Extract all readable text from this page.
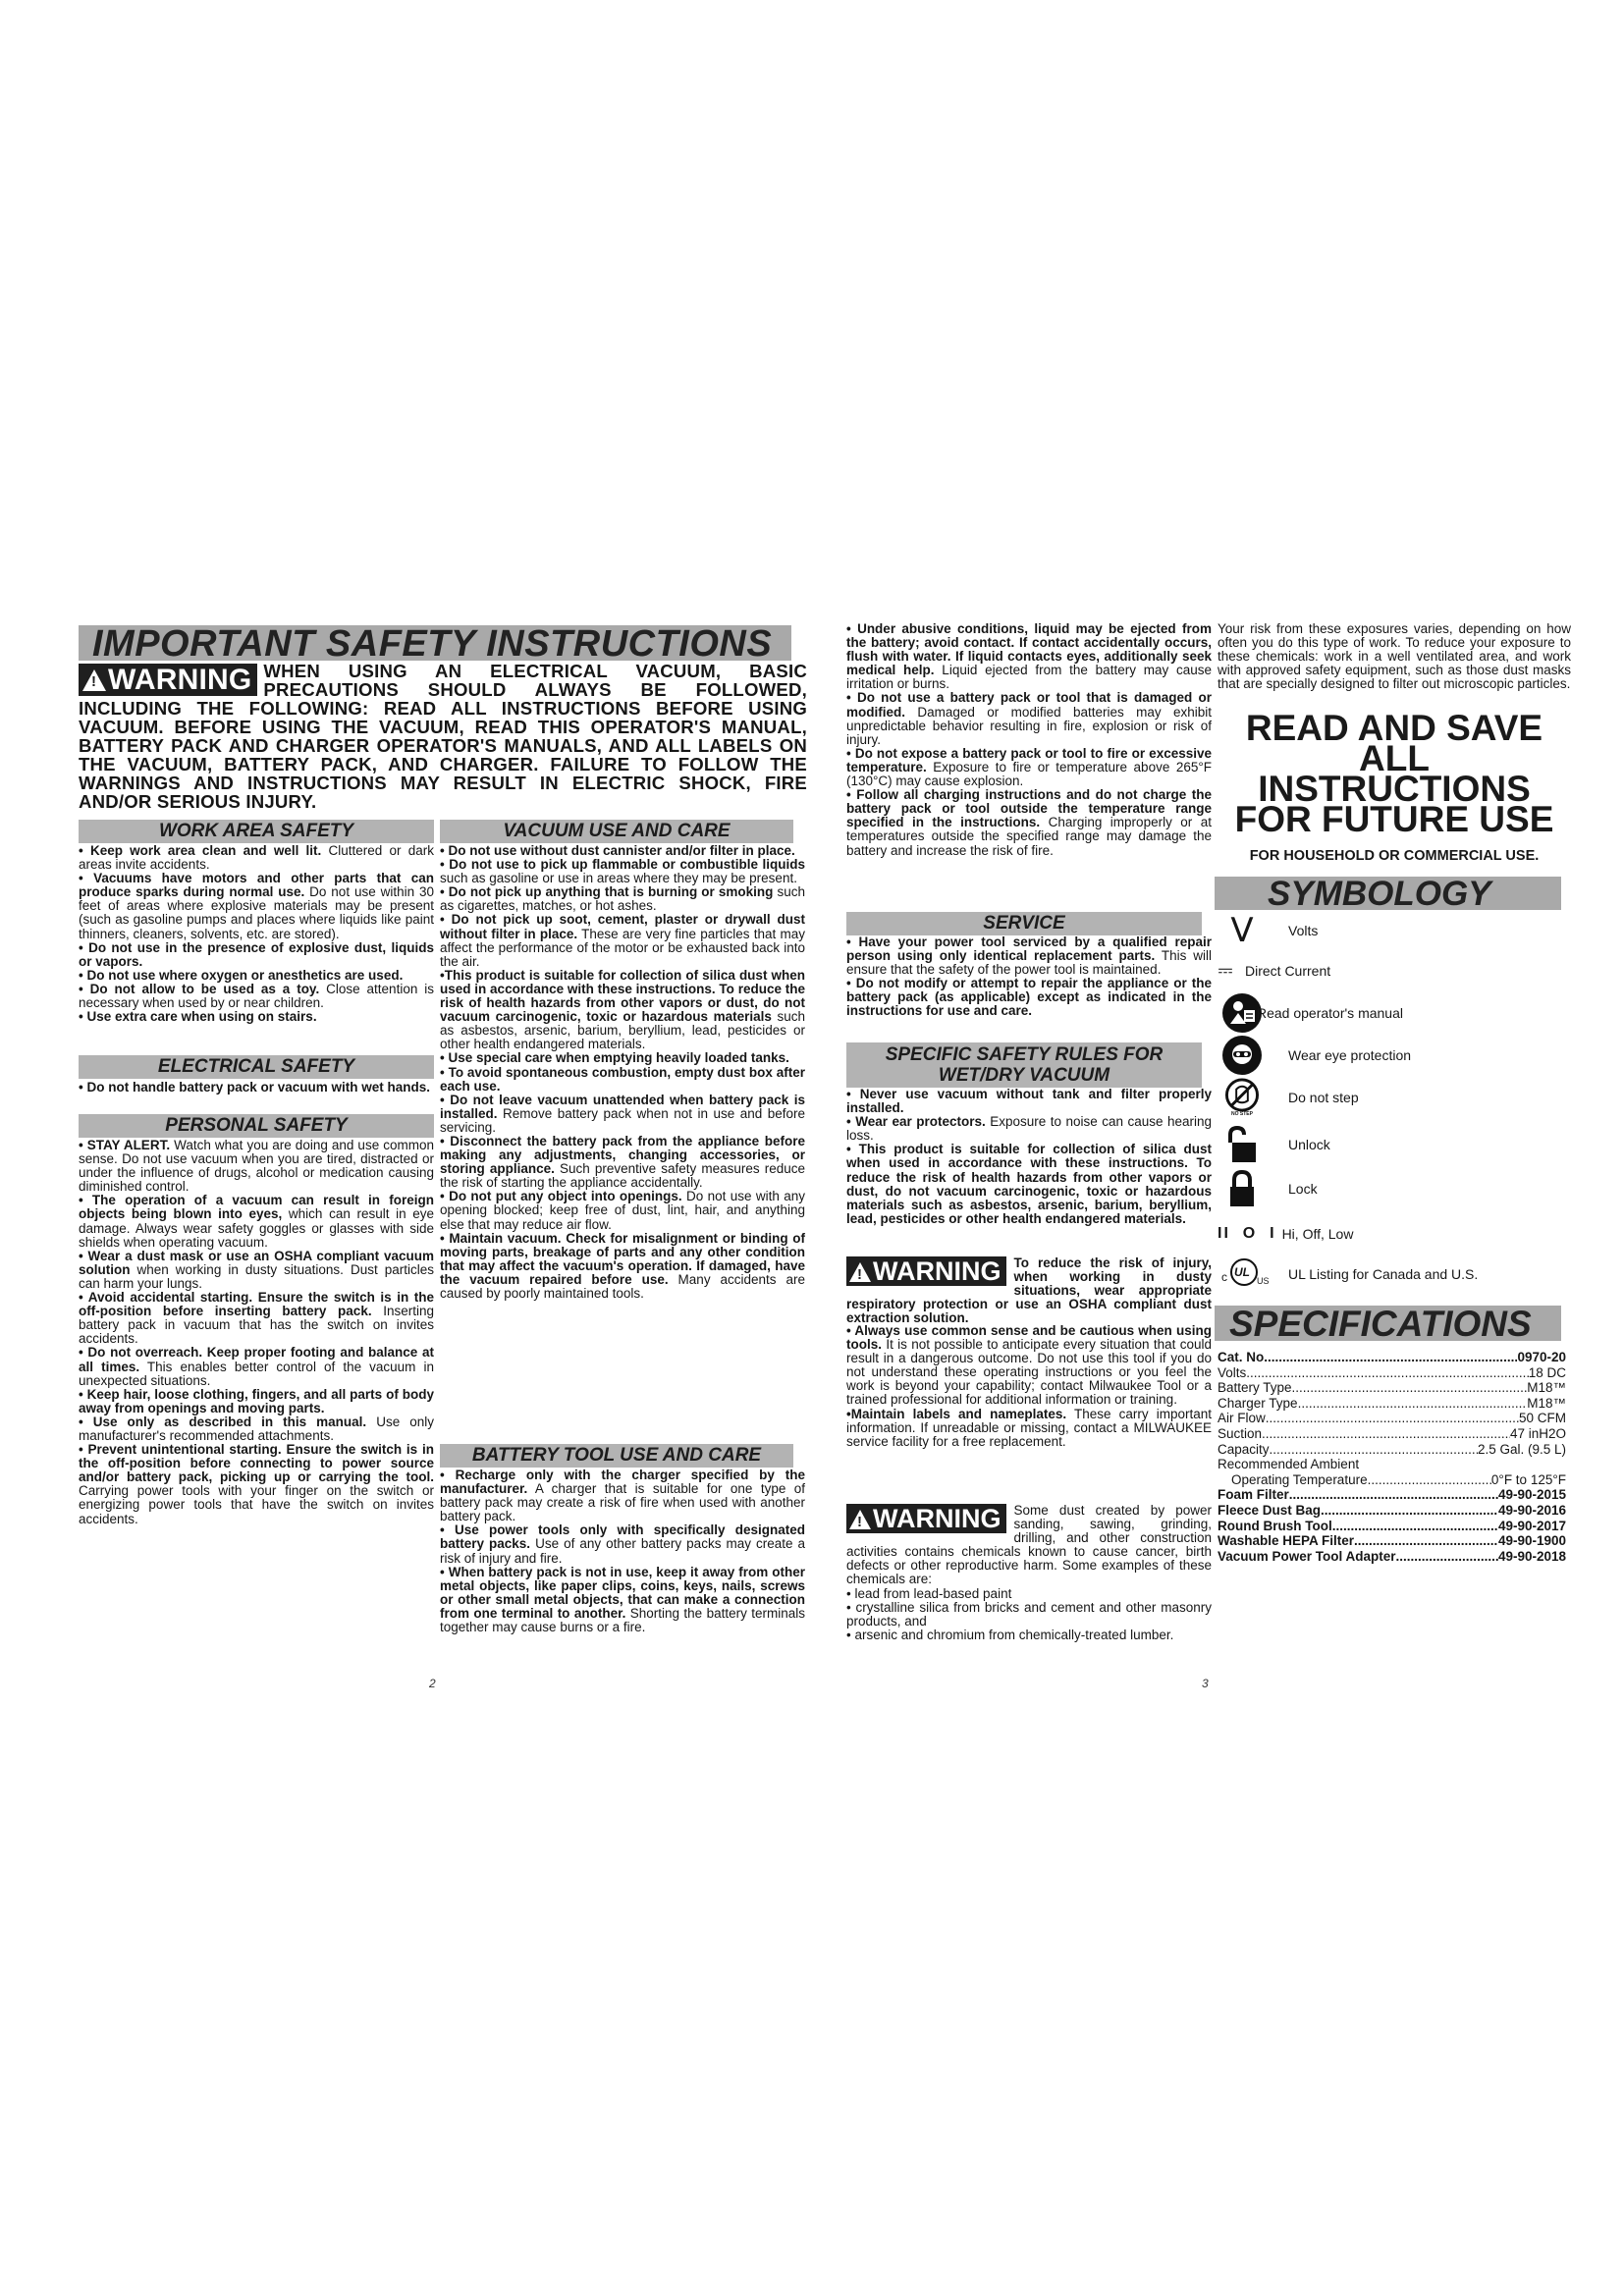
IMPORTANT SAFETY INSTRUCTIONS
!WARNING WHEN USING AN ELECTRICAL VACUUM, BASIC PRECAUTIONS SHOULD ALWAYS BE FOLLOWED, INCLUDING THE FOLLOWING: READ ALL INSTRUCTIONS BEFORE USING VACUUM. BEFORE USING THE VACUUM, READ THIS OPERATOR'S MANUAL, BATTERY PACK AND CHARGER OPERATOR'S MANUALS, AND ALL LABELS ON THE VACUUM, BATTERY PACK, AND CHARGER. FAILURE TO FOLLOW THE WARNINGS AND INSTRUCTIONS MAY RESULT IN ELECTRIC SHOCK, FIRE AND/OR SERIOUS INJURY.
WORK AREA SAFETY

• Keep work area clean and well lit. Cluttered or dark areas invite accidents.

• Vacuums have motors and other parts that can produce sparks during normal use. Do not use within 30 feet of areas where explosive materials may be present (such as gasoline pumps and places where liquids like paint thinners, cleaners, solvents, etc. are stored).

• Do not use in the presence of explosive dust, liquids or vapors.

• Do not use where oxygen or anesthetics are used.

• Do not allow to be used as a toy. Close attention is necessary when used by or near children.

• Use extra care when using on stairs.

ELECTRICAL SAFETY

• Do not handle battery pack or vacuum with wet hands.

PERSONAL SAFETY

• STAY ALERT. Watch what you are doing and use common sense. Do not use vacuum when you are tired, distracted or under the influence of drugs, alcohol or medication causing diminished control.

• The operation of a vacuum can result in foreign objects being blown into eyes, which can result in eye damage. Always wear safety goggles or glasses with side shields when operating vacuum.

• Wear a dust mask or use an OSHA compliant vacuum solution when working in dusty situations. Dust particles can harm your lungs.

• Avoid accidental starting. Ensure the switch is in the off-position before inserting battery pack. Inserting battery pack in vacuum that has the switch on invites accidents.

• Do not overreach. Keep proper footing and balance at all times. This enables better control of the vacuum in unexpected situations.

• Keep hair, loose clothing, fingers, and all parts of body away from openings and moving parts.

• Use only as described in this manual. Use only manufacturer's recommended attachments.

• Prevent unintentional starting. Ensure the switch is in the off-position before connecting to power source and/or battery pack, picking up or carrying the tool. Carrying power tools with your finger on the switch or energizing power tools that have the switch on invites accidents.

VACUUM USE AND CARE

• Do not use without dust cannister and/or filter in place.

• Do not use to pick up flammable or combustible liquids such as gasoline or use in areas where they may be present.

• Do not pick up anything that is burning or smoking such as cigarettes, matches, or hot ashes.

• Do not pick up soot, cement, plaster or drywall dust without filter in place. These are very fine particles that may affect the performance of the motor or be exhausted back into the air.

•This product is suitable for collection of silica dust when used in accordance with these instructions. To reduce the risk of health hazards from other vapors or dust, do not vacuum carcinogenic, toxic or hazardous materials such as asbestos, arsenic, barium, beryllium, lead, pesticides or other health endangered materials.

• Use special care when emptying heavily loaded tanks.

• To avoid spontaneous combustion, empty dust box after each use.

• Do not leave vacuum unattended when battery pack is installed. Remove battery pack when not in use and before servicing.

• Disconnect the battery pack from the appliance before making any adjustments, changing accessories, or storing appliance. Such preventive safety measures reduce the risk of starting the appliance accidentally.

• Do not put any object into openings. Do not use with any opening blocked; keep free of dust, lint, hair, and anything else that may reduce air flow.

• Maintain vacuum. Check for misalignment or binding of moving parts, breakage of parts and any other condition that may affect the vacuum's operation. If damaged, have the vacuum repaired before use. Many accidents are caused by poorly maintained tools.

BATTERY TOOL USE AND CARE

• Recharge only with the charger specified by the manufacturer. A charger that is suitable for one type of battery pack may create a risk of fire when used with another battery pack.

• Use power tools only with specifically designated battery packs. Use of any other battery packs may create a risk of injury and fire.

• When battery pack is not in use, keep it away from other metal objects, like paper clips, coins, keys, nails, screws or other small metal objects, that can make a connection from one terminal to another. Shorting the battery terminals together may cause burns or a fire.

2

• Under abusive conditions, liquid may be ejected from the battery; avoid contact. If contact accidentally occurs, flush with water. If liquid contacts eyes, additionally seek medical help. Liquid ejected from the battery may cause irritation or burns.

• Do not use a battery pack or tool that is damaged or modified. Damaged or modified batteries may exhibit unpredictable behavior resulting in fire, explosion or risk of injury.

• Do not expose a battery pack or tool to fire or excessive temperature. Exposure to fire or temperature above 265°F (130°C) may cause explosion.

• Follow all charging instructions and do not charge the battery pack or tool outside the temperature range specified in the instructions. Charging improperly or at temperatures outside the specified range may damage the battery and increase the risk of fire.

SERVICE

• Have your power tool serviced by a qualified repair person using only identical replacement parts. This will ensure that the safety of the power tool is maintained.

• Do not modify or attempt to repair the appliance or the battery pack (as applicable) except as indicated in the instructions for use and care.

SPECIFIC SAFETY RULES FOR WET/DRY VACUUM

• Never use vacuum without tank and filter properly installed.

• Wear ear protectors. Exposure to noise can cause hearing loss.

• This product is suitable for collection of silica dust when used in accordance with these instructions. To reduce the risk of health hazards from other vapors or dust, do not vacuum carcinogenic, toxic or hazardous materials such as asbestos, arsenic, barium, beryllium, lead, pesticides or other health endangered materials.

!WARNING To reduce the risk of injury, when working in dusty situations, wear appropriate respiratory protection or use an OSHA compliant dust extraction solution.

• Always use common sense and be cautious when using tools. It is not possible to anticipate every situation that could result in a dangerous outcome. Do not use this tool if you do not understand these operating instructions or you feel the work is beyond your capability; contact Milwaukee Tool or a trained professional for additional information or training.

•Maintain labels and nameplates. These carry important information. If unreadable or missing, contact a MILWAUKEE service facility for a free replacement.

!WARNING Some dust created by power sanding, sawing, grinding, drilling, and other construction activities contains chemicals known to cause cancer, birth defects or other reproductive harm. Some examples of these chemicals are:

• lead from lead-based paint

• crystalline silica from bricks and cement and other masonry products, and

• arsenic and chromium from chemically-treated lumber.

3
Your risk from these exposures varies, depending on how often you do this type of work. To reduce your exposure to these chemicals: work in a well ventilated area, and work with approved safety equipment, such as those dust masks that are specially designed to filter out microscopic particles.
READ AND SAVE
ALL
INSTRUCTIONS
FOR FUTURE USE
FOR HOUSEHOLD OR COMMERCIAL USE.
SYMBOLOGY
V	Volts
Direct Current
Read operator's manual
Wear eye protection
NO STEP
Do not step
Unlock
Lock
II  O  I Hi, Off, Low
c UL
US UL Listing for Canada and U.S.
SPECIFICATIONS
Cat. No. .....	0970-20
Volts .....	18 DC
Battery Type .....	M18™
Charger Type .....	M18™
Air Flow .....	50 CFM
Suction .....	47 inH2O
Capacity .....	2.5 Gal. (9.5 L)
Recommended Ambient
Operating Temperature .....	0°F to 125°F
Foam Filter .....	49-90-2015
Fleece Dust Bag .....	49-90-2016
Round Brush Tool .....	49-90-2017
Washable HEPA Filter .....	49-90-1900
Vacuum Power Tool Adapter .....	49-90-2018
